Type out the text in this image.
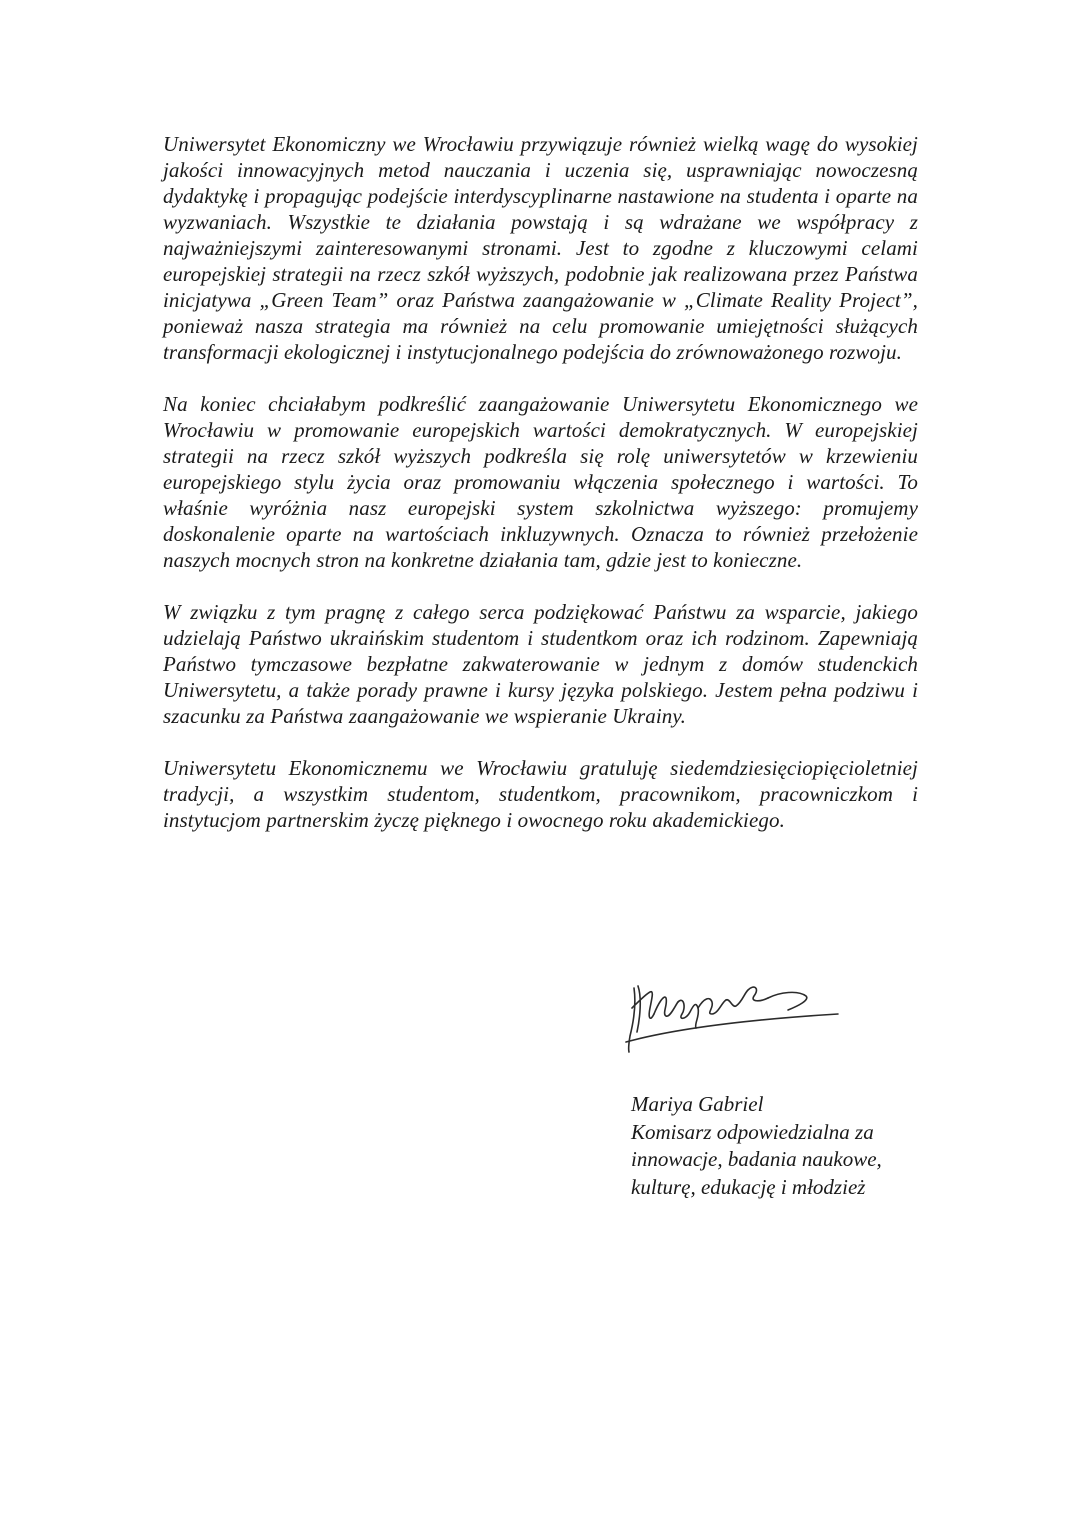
Uniwersytet Ekonomiczny we Wrocławiu przywiązuje również wielką wagę do wysokiej jakości innowacyjnych metod nauczania i uczenia się, usprawniając nowoczesną dydaktykę i propagując podejście interdyscyplinarne nastawione na studenta i oparte na wyzwaniach. Wszystkie te działania powstają i są wdrażane we współpracy z najważniejszymi zainteresowanymi stronami. Jest to zgodne z kluczowymi celami europejskiej strategii na rzecz szkół wyższych, podobnie jak realizowana przez Państwa inicjatywa „Green Team” oraz Państwa zaangażowanie w „Climate Reality Project”, ponieważ nasza strategia ma również na celu promowanie umiejętności służących transformacji ekologicznej i instytucjonalnego podejścia do zrównoważonego rozwoju.

Na koniec chciałabym podkreślić zaangażowanie Uniwersytetu Ekonomicznego we Wrocławiu w promowanie europejskich wartości demokratycznych. W europejskiej strategii na rzecz szkół wyższych podkreśla się rolę uniwersytetów w krzewieniu europejskiego stylu życia oraz promowaniu włączenia społecznego i wartości. To właśnie wyróżnia nasz europejski system szkolnictwa wyższego: promujemy doskonalenie oparte na wartościach inkluzywnych. Oznacza to również przełożenie naszych mocnych stron na konkretne działania tam, gdzie jest to konieczne.

W związku z tym pragnę z całego serca podziękować Państwu za wsparcie, jakiego udzielają Państwo ukraińskim studentom i studentkom oraz ich rodzinom. Zapewniają Państwo tymczasowe bezpłatne zakwaterowanie w jednym z domów studenckich Uniwersytetu, a także porady prawne i kursy języka polskiego. Jestem pełna podziwu i szacunku za Państwa zaangażowanie we wspieranie Ukrainy.

Uniwersytetu Ekonomicznemu we Wrocławiu gratuluję siedemdziesięciopięcioletniej tradycji, a wszystkim studentom, studentkom, pracownikom, pracowniczkom i instytucjom partnerskim życzę pięknego i owocnego roku akademickiego.

Mariya Gabriel
Komisarz odpowiedzialna za
innowacje, badania naukowe,
kulturę, edukację i młodzież
